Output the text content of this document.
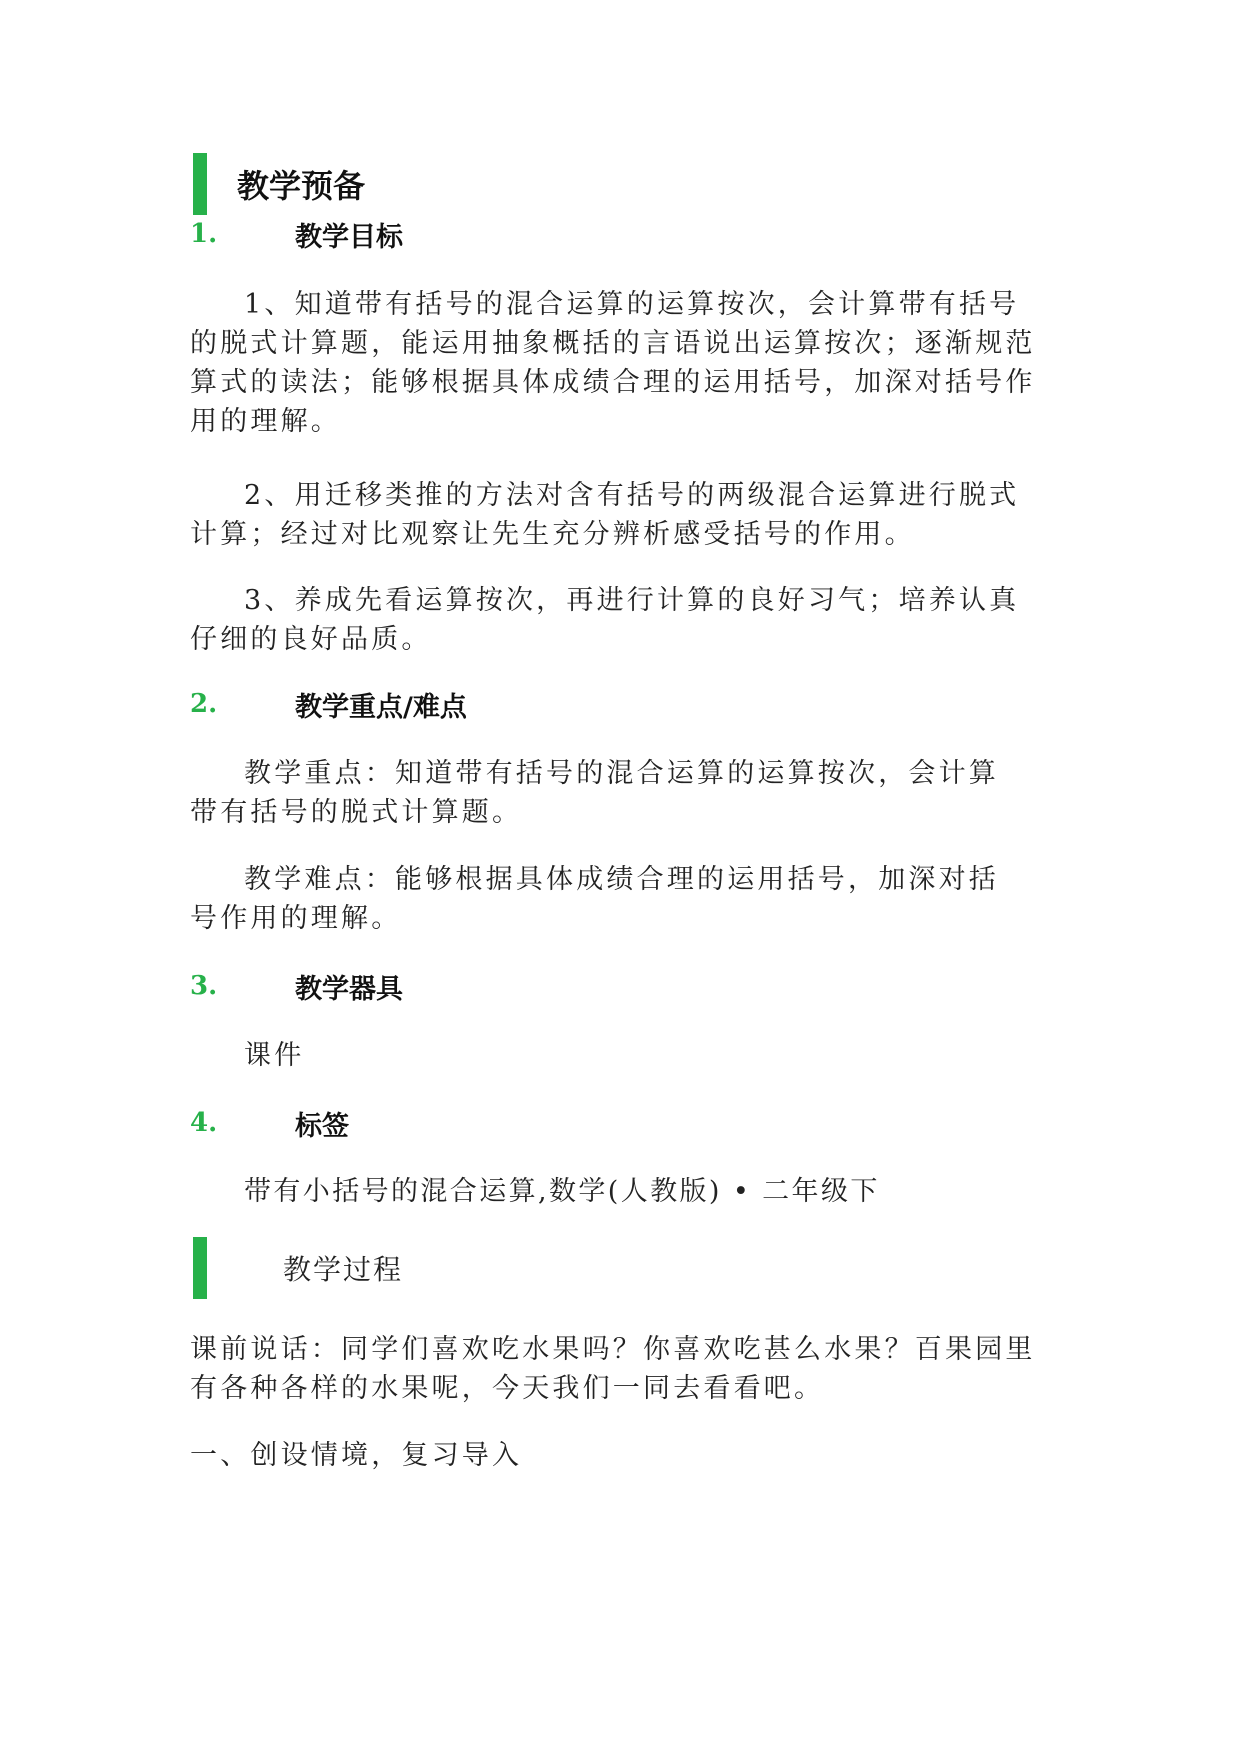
教学预备
1.	教学目标

1、知道带有括号的混合运算的运算按次，会计算带有括号的脱式计算题，能运用抽象概括的言语说出运算按次；逐渐规范算式的读法；能够根据具体成绩合理的运用括号，加深对括号作用的理解。

2、用迁移类推的方法对含有括号的两级混合运算进行脱式计算；经过对比观察让先生充分辨析感受括号的作用。

3、养成先看运算按次，再进行计算的良好习气；培养认真仔细的良好品质。

2.	教学重点/难点

教学重点：知道带有括号的混合运算的运算按次，会计算带有括号的脱式计算题。

教学难点：能够根据具体成绩合理的运用括号，加深对括号作用的理解。

3.	教学器具

课件

4.	标签

带有小括号的混合运算,数学(人教版) • 二年级下

教学过程

课前说话：同学们喜欢吃水果吗？你喜欢吃甚么水果？百果园里有各种各样的水果呢，今天我们一同去看看吧。

一、创设情境，复习导入
